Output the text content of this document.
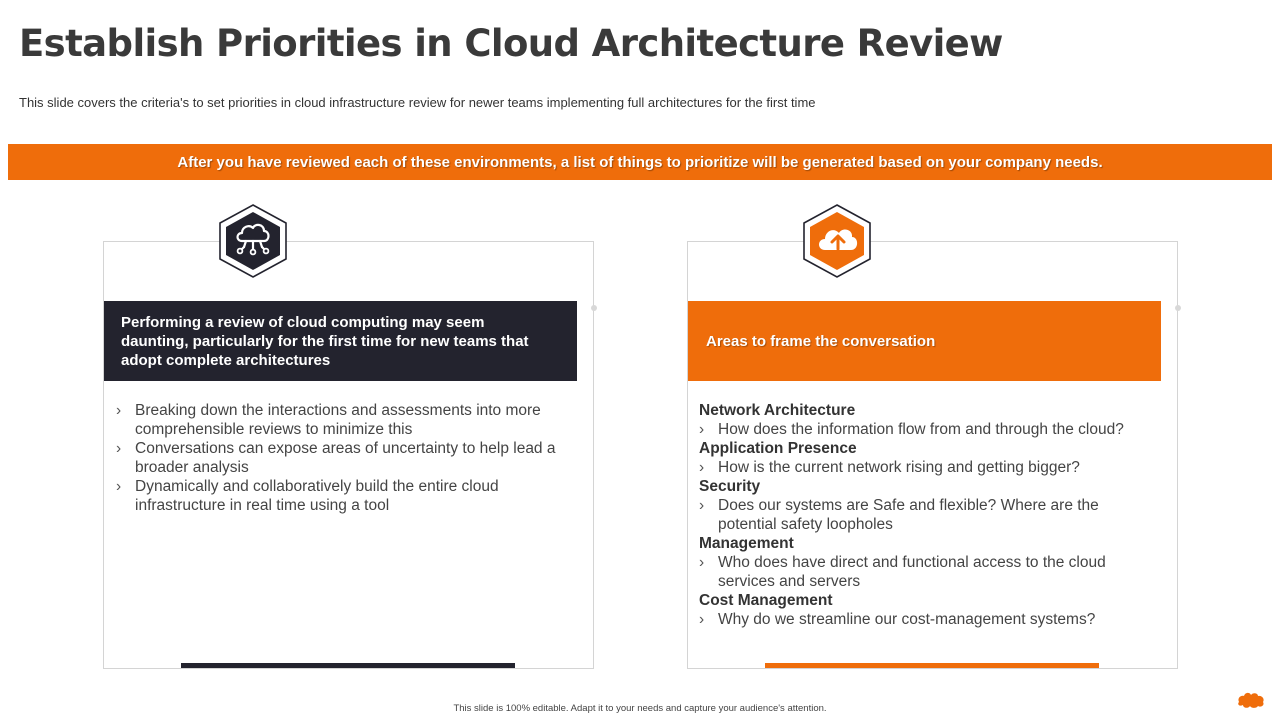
Establish Priorities in Cloud Architecture Review
This slide covers the criteria's to set priorities in cloud infrastructure review for newer teams implementing full architectures for the first time
After you have reviewed each of these environments, a list of things to prioritize will be generated based on your company needs.
Performing a review of cloud computing may seem daunting, particularly for the first time for new teams that adopt complete architectures
› Breaking down the interactions and assessments into more comprehensible reviews to minimize this
› Conversations can expose areas of uncertainty to help lead a broader analysis
› Dynamically and collaboratively build the entire cloud infrastructure in real time using a tool
Areas to frame the conversation
Network Architecture
› How does the information flow from and through the cloud?
Application Presence
› How is the current network rising and getting bigger?
Security
› Does our systems are Safe and flexible? Where are the potential safety loopholes
Management
› Who does have direct and functional access to the cloud services and servers
Cost Management
› Why do we streamline our cost-management systems?
This slide is 100% editable. Adapt it to your needs and capture your audience's attention.
